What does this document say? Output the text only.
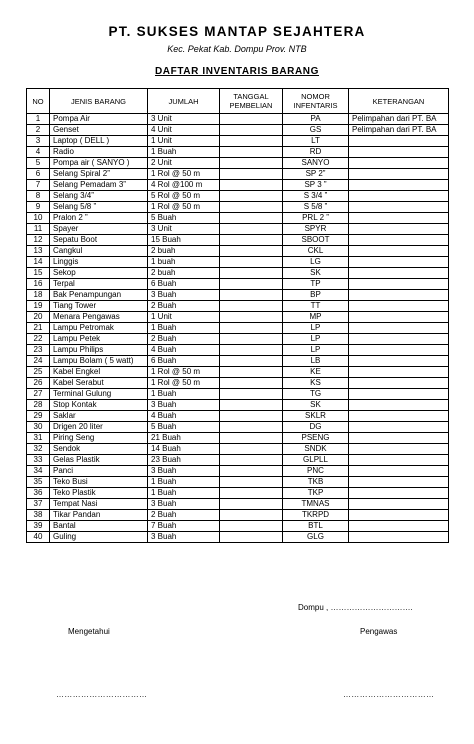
PT. SUKSES MANTAP SEJAHTERA
Kec. Pekat Kab. Dompu Prov. NTB
DAFTAR INVENTARIS BARANG
NO	JENIS BARANG	JUMLAH	TANGGAL PEMBELIAN	NOMOR INFENTARIS	KETERANGAN
1	Pompa Air	3 Unit		PA	Pelimpahan dari PT. BA
2	Genset	4 Unit		GS	Pelimpahan dari PT. BA
3	Laptop ( DELL )	1 Unit		LT	
4	Radio	1 Buah		RD	
5	Pompa air ( SANYO )	2 Unit		SANYO	
6	Selang Spiral 2”	1 Rol @ 50 m		SP 2”	
7	Selang Pemadam 3”	4 Rol @100 m		SP 3 ”	
8	Selang 3/4”	5 Rol @ 50 m		S 3/4 ”	
9	Selang 5/8 ”	1 Rol @ 50 m		S 5/8 ”	
10	Pralon 2 ”	5 Buah		PRL 2 ”	
11	Spayer	3 Unit		SPYR	
12	Sepatu Boot	15 Buah		SBOOT	
13	Cangkul	2 buah		CKL	
14	Linggis	1 buah		LG	
15	Sekop	2 buah		SK	
16	Terpal	6 Buah		TP	
18	Bak Penampungan	3 Buah		BP	
19	Tiang Tower	2 Buah		TT	
20	Menara Pengawas	1 Unit		MP	
21	Lampu Petromak	1 Buah		LP	
22	Lampu Petek	2 Buah		LP	
23	Lampu Philips	4 Buah		LP	
24	Lampu Bolam ( 5 watt)	6 Buah		LB	
25	Kabel Engkel	1 Rol @ 50 m		KE	
26	Kabel Serabut	1 Rol @ 50 m		KS	
27	Terminal Gulung	1 Buah		TG	
28	Stop Kontak	3 Buah		SK	
29	Saklar	4 Buah		SKLR	
30	Drigen 20 liter	5 Buah		DG	
31	Piring Seng	21 Buah		PSENG	
32	Sendok	14 Buah		SNDK	
33	Gelas Plastik	23 Buah		GLPLL	
34	Panci	3 Buah		PNC	
35	Teko Busi	1 Buah		TKB	
36	Teko Plastik	1 Buah		TKP	
37	Tempat Nasi	3 Buah		TMNAS	
38	Tikar Pandan	2 Buah		TKRPD	
39	Bantal	7 Buah		BTL	
40	Guling	3 Buah		GLG	
Dompu , ………………………….
Mengetahui	Pengawas
……………………………	……………………………
